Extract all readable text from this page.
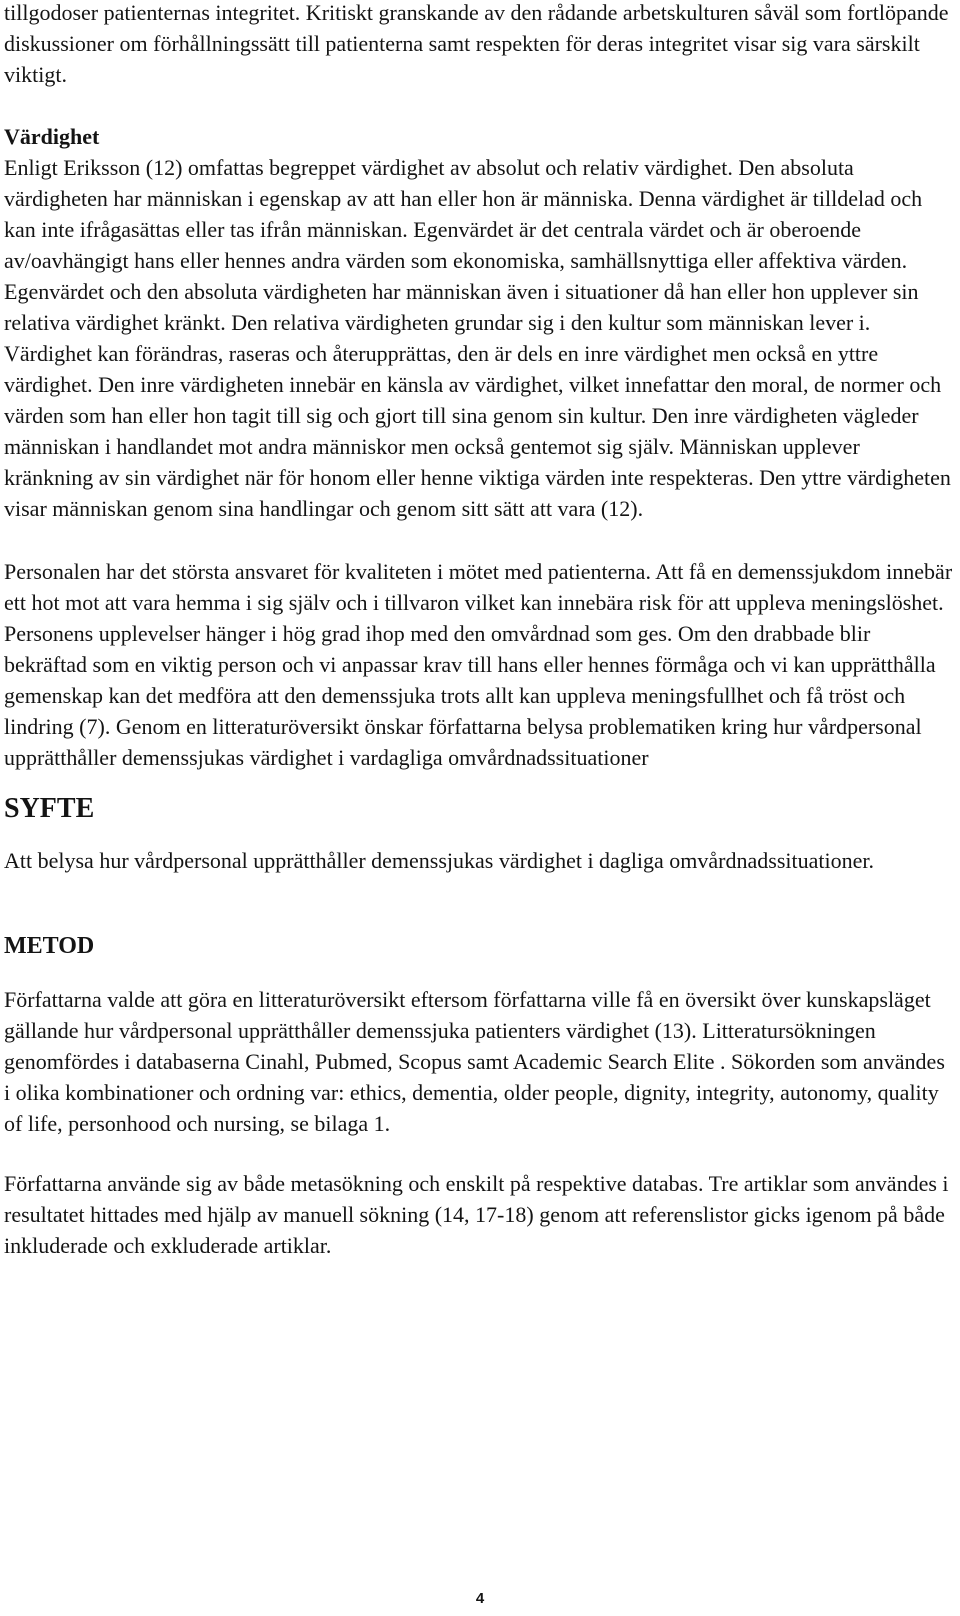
tillgodoser patienternas integritet. Kritiskt granskande av den rådande arbetskulturen såväl som fortlöpande diskussioner om förhållningssätt till patienterna samt respekten för deras integritet visar sig vara särskilt viktigt.

Värdighet

Enligt Eriksson (12) omfattas begreppet värdighet av absolut och relativ värdighet. Den absoluta värdigheten har människan i egenskap av att han eller hon är människa. Denna värdighet är tilldelad och kan inte ifrågasättas eller tas ifrån människan. Egenvärdet är det centrala värdet och är oberoende av/oavhängigt hans eller hennes andra värden som ekonomiska, samhällsnyttiga eller affektiva värden. Egenvärdet och den absoluta värdigheten har människan även i situationer då han eller hon upplever sin relativa värdighet kränkt. Den relativa värdigheten grundar sig i den kultur som människan lever i. Värdighet kan förändras, raseras och återupprättas, den är dels en inre värdighet men också en yttre värdighet. Den inre värdigheten innebär en känsla av värdighet, vilket innefattar den moral, de normer och värden som han eller hon tagit till sig och gjort till sina genom sin kultur. Den inre värdigheten vägleder människan i handlandet mot andra människor men också gentemot sig själv. Människan upplever kränkning av sin värdighet när för honom eller henne viktiga värden inte respekteras. Den yttre värdigheten visar människan genom sina handlingar och genom sitt sätt att vara (12).

Personalen har det största ansvaret för kvaliteten i mötet med patienterna. Att få en demenssjukdom innebär ett hot mot att vara hemma i sig själv och i tillvaron vilket kan innebära risk för att uppleva meningslöshet. Personens upplevelser hänger i hög grad ihop med den omvårdnad som ges. Om den drabbade blir bekräftad som en viktig person och vi anpassar krav till hans eller hennes förmåga och vi kan upprätthålla gemenskap kan det medföra att den demenssjuka trots allt kan uppleva meningsfullhet och få tröst och lindring (7). Genom en litteraturöversikt önskar författarna belysa problematiken kring hur vårdpersonal upprätthåller demenssjukas värdighet i vardagliga omvårdnadssituationer

SYFTE

Att belysa hur vårdpersonal upprätthåller demenssjukas värdighet i dagliga omvårdnadssituationer.

METOD

Författarna valde att göra en litteraturöversikt eftersom författarna ville få en översikt över kunskapsläget gällande hur vårdpersonal upprätthåller demenssjuka patienters värdighet (13). Litteratursökningen genomfördes i databaserna Cinahl, Pubmed, Scopus samt Academic Search Elite . Sökorden som användes i olika kombinationer och ordning var: ethics, dementia, older people, dignity, integrity, autonomy, quality of life, personhood och nursing, se bilaga 1.

Författarna använde sig av både metasökning och enskilt på respektive databas. Tre artiklar som användes i resultatet hittades med hjälp av manuell sökning (14, 17-18) genom att referenslistor gicks igenom på både inkluderade och exkluderade artiklar.

4
